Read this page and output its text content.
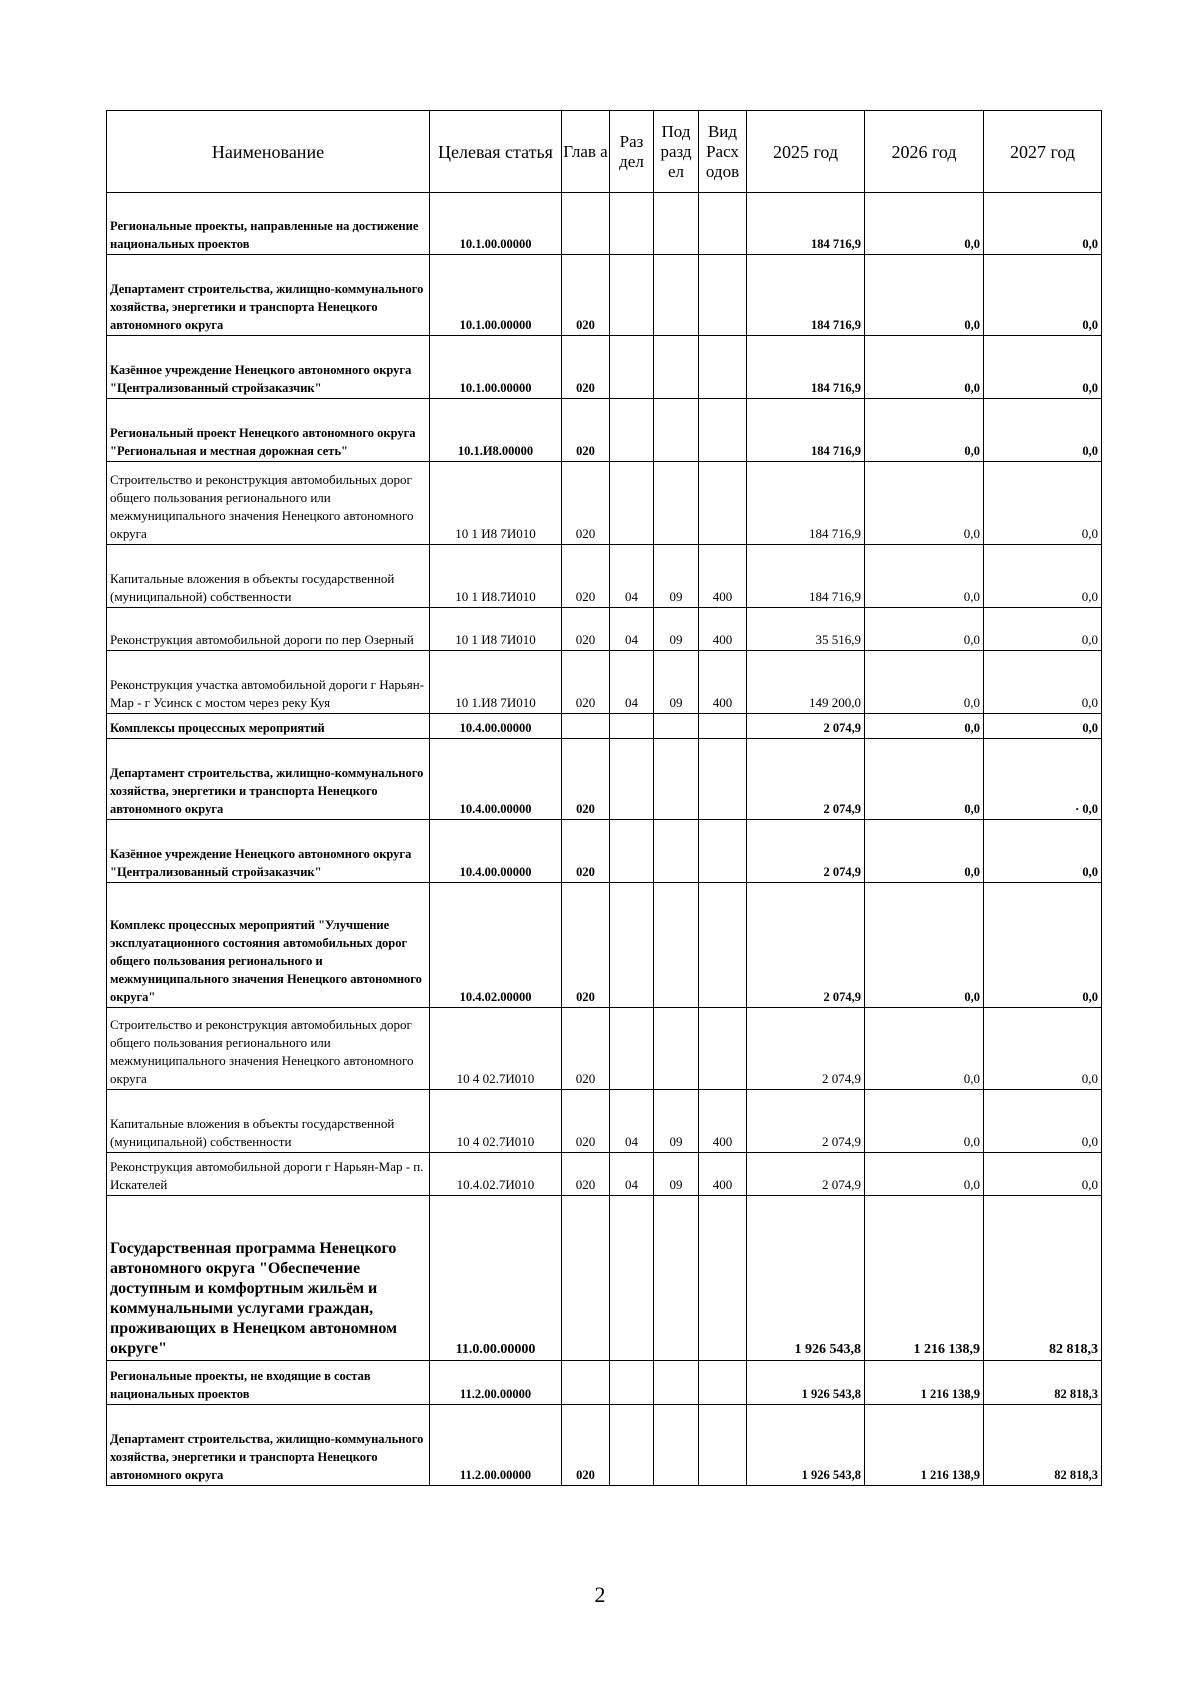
Наименование	Целевая статья	Глав а	Раз дел	Под разд ел	Вид Расх одов	2025 год	2026 год	2027 год
Региональные проекты, направленные на достижение национальных проектов	10.1.00.00000					184 716,9	0,0	0,0
Департамент строительства, жилищно-коммунального хозяйства, энергетики и транспорта Ненецкого автономного округа	10.1.00.00000	020				184 716,9	0,0	0,0
Казённое учреждение Ненецкого автономного округа "Централизованный стройзаказчик"	10.1.00.00000	020				184 716,9	0,0	0,0
Региональный проект Ненецкого автономного округа "Региональная и местная дорожная сеть"	10.1.И8.00000	020				184 716,9	0,0	0,0
Строительство и реконструкция автомобильных дорог общего пользования регионального или межмуниципального значения Ненецкого автономного округа	10 1 И8 7И010	020				184 716,9	0,0	0,0
Капитальные вложения в объекты государственной (муниципальной) собственности	10 1 И8.7И010	020	04	09	400	184 716,9	0,0	0,0
Реконструкция автомобильной дороги по пер Озерный	10 1 И8 7И010	020	04	09	400	35 516,9	0,0	0,0
Реконструкция участка автомобильной дороги г Нарьян-Мар - г Усинск с мостом через реку Куя	10 1.И8 7И010	020	04	09	400	149 200,0	0,0	0,0
Комплексы процессных мероприятий	10.4.00.00000					2 074,9	0,0	0,0
Департамент строительства, жилищно-коммунального хозяйства, энергетики и транспорта Ненецкого автономного округа	10.4.00.00000	020				2 074,9	0,0	· 0,0
Казённое учреждение Ненецкого автономного округа "Централизованный стройзаказчик"	10.4.00.00000	020				2 074,9	0,0	0,0
Комплекс процессных мероприятий "Улучшение эксплуатационного состояния автомобильных дорог общего пользования регионального и межмуниципального значения Ненецкого автономного округа"	10.4.02.00000	020				2 074,9	0,0	0,0
Строительство и реконструкция автомобильных дорог общего пользования регионального или межмуниципального значения Ненецкого автономного округа	10 4 02.7И010	020				2 074,9	0,0	0,0
Капитальные вложения в объекты государственной (муниципальной) собственности	10 4 02.7И010	020	04	09	400	2 074,9	0,0	0,0
Реконструкция автомобильной дороги г Нарьян-Мар - п. Искателей	10.4.02.7И010	020	04	09	400	2 074,9	0,0	0,0
Государственная программа Ненецкого автономного округа "Обеспечение доступным и комфортным жильём и коммунальными услугами граждан, проживающих в Ненецком автономном округе"	11.0.00.00000					1 926 543,8	1 216 138,9	82 818,3
Региональные проекты, не входящие в состав национальных проектов	11.2.00.00000					1 926 543,8	1 216 138,9	82 818,3
Департамент строительства, жилищно-коммунального хозяйства, энергетики и транспорта Ненецкого автономного округа	11.2.00.00000	020				1 926 543,8	1 216 138,9	82 818,3
2
